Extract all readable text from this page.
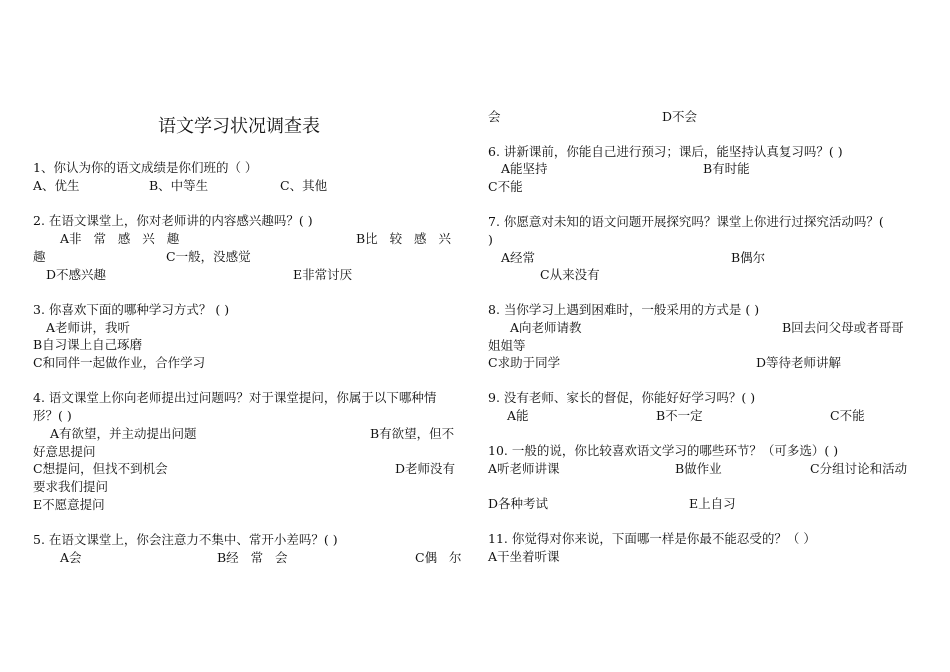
语文学习状况调查表
1、你认为你的语文成绩是你们班的（ ）
A、优生	B、中等生	C、其他
2. 在语文课堂上，你对老师讲的内容感兴趣吗？( )
A非   常   感   兴   趣	B比   较   感   兴
趣	C一般，没感觉
D不感兴趣	E非常讨厌
3. 你喜欢下面的哪种学习方式？ ( )
A老师讲，我听
B自习课上自己琢磨
C和同伴一起做作业，合作学习
4. 语文课堂上你向老师提出过问题吗？对于课堂提问，你属于以下哪种情
形？( )
A有欲望，并主动提出问题	B有欲望，但不
好意思提问
C想提问，但找不到机会	D老师没有
要求我们提问
E不愿意提问
5. 在语文课堂上，你会注意力不集中、常开小差吗？( )
A会	B经   常   会	C偶   尔
会	D不会
6. 讲新课前，你能自己进行预习；课后，能坚持认真复习吗？( )
A能坚持	B有时能
C不能
7. 你愿意对未知的语文问题开展探究吗？课堂上你进行过探究活动吗？(
)
A经常	B偶尔
C从来没有
8. 当你学习上遇到困难时，一般采用的方式是 ( )
A向老师请教	B回去问父母或者哥哥
姐姐等
C求助于同学	D等待老师讲解
9. 没有老师、家长的督促，你能好好学习吗？( )
A能	B不一定	C不能
10. 一般的说，你比较喜欢语文学习的哪些环节？（可多选）( )
A听老师讲课	B做作业	C分组讨论和活动
D各种考试	E上自习
11. 你觉得对你来说，下面哪一样是你最不能忍受的？（ ）
A干坐着听课
